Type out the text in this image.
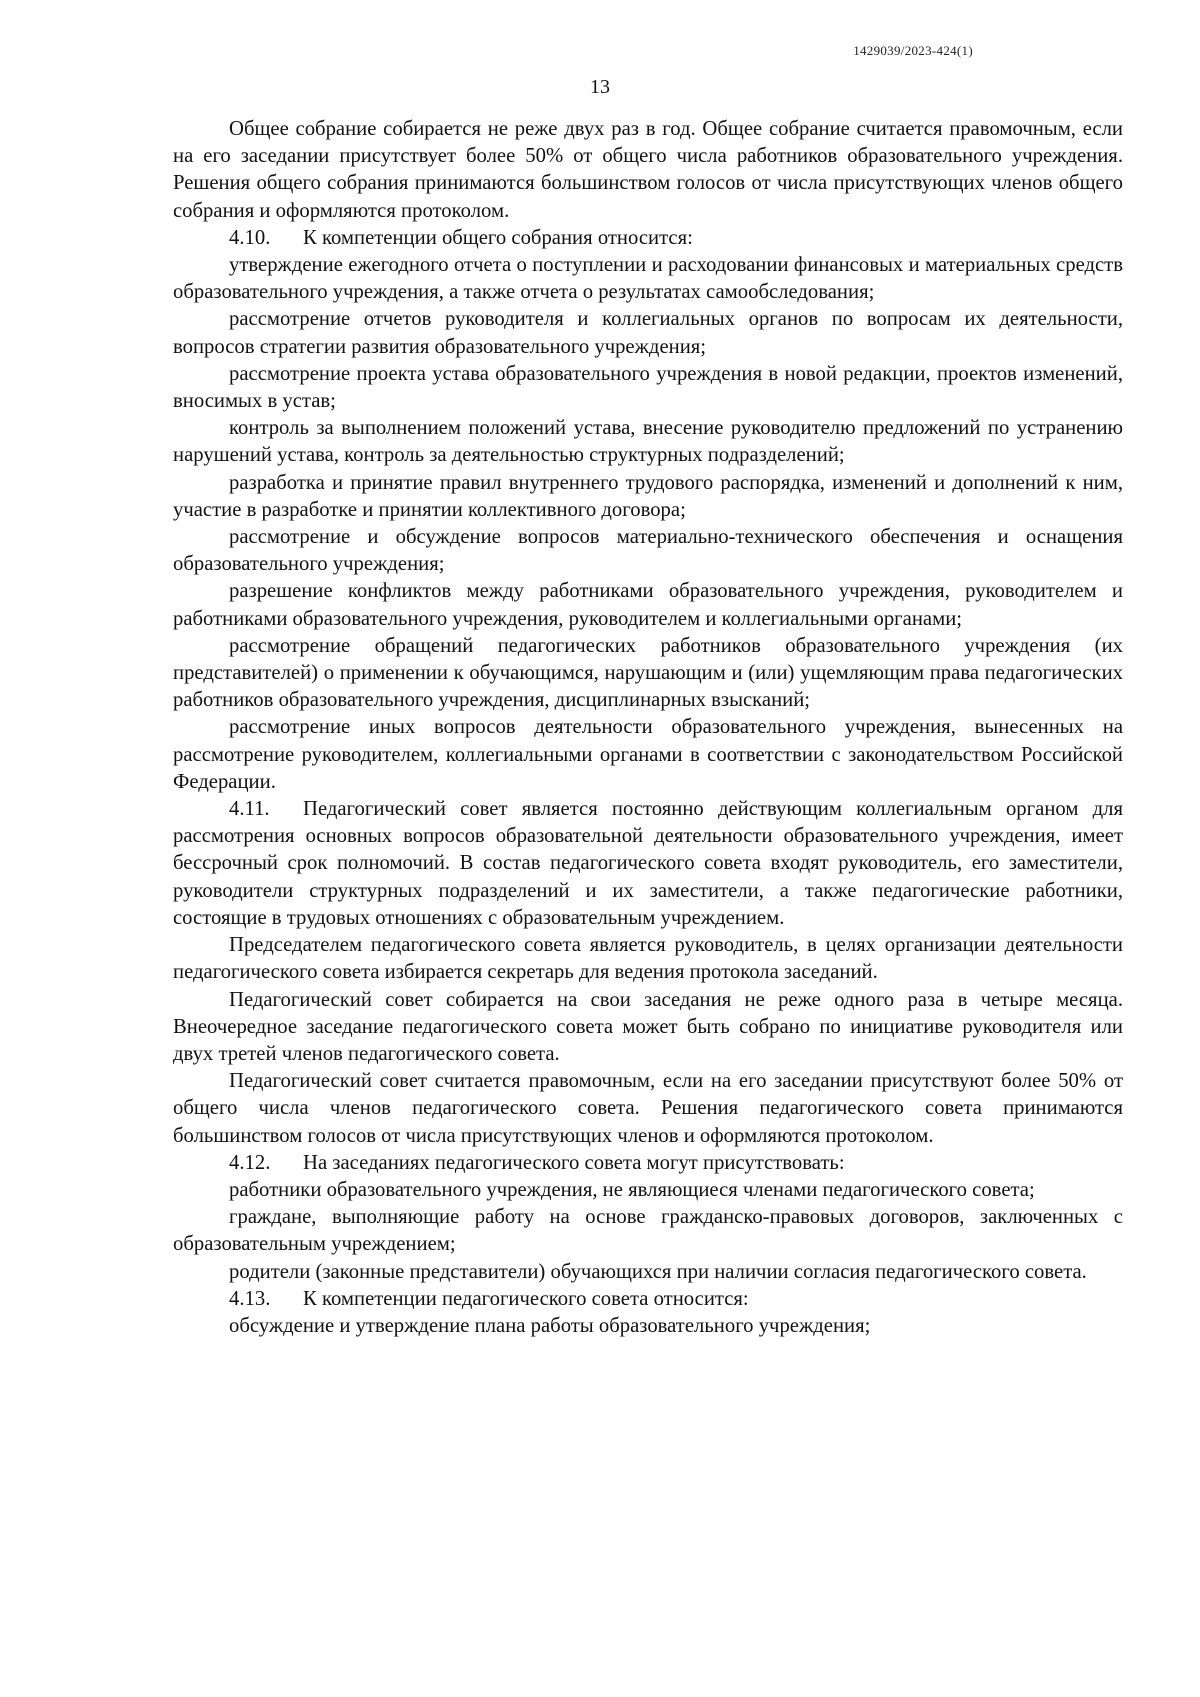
1429039/2023-424(1)
13

Общее собрание собирается не реже двух раз в год. Общее собрание считается правомочным, если на его заседании присутствует более 50% от общего числа работников образовательного учреждения. Решения общего собрания принимаются большинством голосов от числа присутствующих членов общего собрания и оформляются протоколом.

4.10. К компетенции общего собрания относится:

утверждение ежегодного отчета о поступлении и расходовании финансовых и материальных средств образовательного учреждения, а также отчета о результатах самообследования;

рассмотрение отчетов руководителя и коллегиальных органов по вопросам их деятельности, вопросов стратегии развития образовательного учреждения;

рассмотрение проекта устава образовательного учреждения в новой редакции, проектов изменений, вносимых в устав;

контроль за выполнением положений устава, внесение руководителю предложений по устранению нарушений устава, контроль за деятельностью структурных подразделений;

разработка и принятие правил внутреннего трудового распорядка, изменений и дополнений к ним, участие в разработке и принятии коллективного договора;

рассмотрение и обсуждение вопросов материально-технического обеспечения и оснащения образовательного учреждения;

разрешение конфликтов между работниками образовательного учреждения, руководителем и работниками образовательного учреждения, руководителем и коллегиальными органами;

рассмотрение обращений педагогических работников образовательного учреждения (их представителей) о применении к обучающимся, нарушающим и (или) ущемляющим права педагогических работников образовательного учреждения, дисциплинарных взысканий;

рассмотрение иных вопросов деятельности образовательного учреждения, вынесенных на рассмотрение руководителем, коллегиальными органами в соответствии с законодательством Российской Федерации.

4.11. Педагогический совет является постоянно действующим коллегиальным органом для рассмотрения основных вопросов образовательной деятельности образовательного учреждения, имеет бессрочный срок полномочий. В состав педагогического совета входят руководитель, его заместители, руководители структурных подразделений и их заместители, а также педагогические работники, состоящие в трудовых отношениях с образовательным учреждением.

Председателем педагогического совета является руководитель, в целях организации деятельности педагогического совета избирается секретарь для ведения протокола заседаний.

Педагогический совет собирается на свои заседания не реже одного раза в четыре месяца. Внеочередное заседание педагогического совета может быть собрано по инициативе руководителя или двух третей членов педагогического совета.

Педагогический совет считается правомочным, если на его заседании присутствуют более 50% от общего числа членов педагогического совета. Решения педагогического совета принимаются большинством голосов от числа присутствующих членов и оформляются протоколом.

4.12. На заседаниях педагогического совета могут присутствовать:

работники образовательного учреждения, не являющиеся членами педагогического совета;

граждане, выполняющие работу на основе гражданско-правовых договоров, заключенных с образовательным учреждением;

родители (законные представители) обучающихся при наличии согласия педагогического совета.

4.13. К компетенции педагогического совета относится:

обсуждение и утверждение плана работы образовательного учреждения;
